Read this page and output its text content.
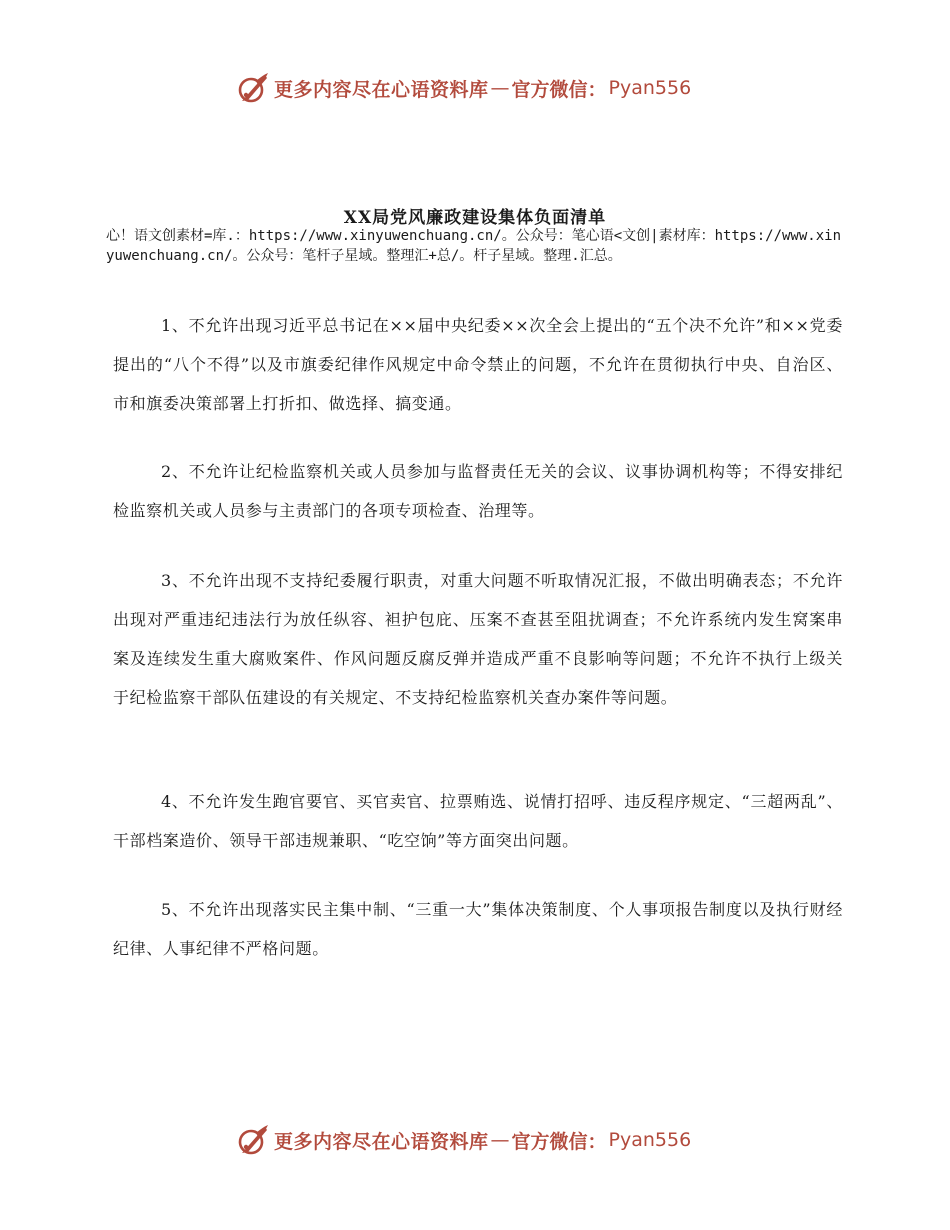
更多内容尽在心语资料库 — 官方微信： Pyan556
XX局党风廉政建设集体负面清单
心！语文创素材=库.：https://www.xinyuwenchuang.cn/。公众号：笔心语<文创|素材库：https://www.xinyuwenchuang.cn/。公众号：笔杆子星域。整理汇+总/。杆子星域。整理.汇总。

1、不允许出现习近平总书记在××届中央纪委××次全会上提出的“五个决不允许”和××党委提出的“八个不得”以及市旗委纪律作风规定中命令禁止的问题，不允许在贯彻执行中央、自治区、市和旗委决策部署上打折扣、做选择、搞变通。

2、不允许让纪检监察机关或人员参加与监督责任无关的会议、议事协调机构等；不得安排纪检监察机关或人员参与主责部门的各项专项检查、治理等。

3、不允许出现不支持纪委履行职责，对重大问题不听取情况汇报，不做出明确表态；不允许出现对严重违纪违法行为放任纵容、袒护包庇、压案不查甚至阻扰调查；不允许系统内发生窝案串案及连续发生重大腐败案件、作风问题反腐反弹并造成严重不良影响等问题；不允许不执行上级关于纪检监察干部队伍建设的有关规定、不支持纪检监察机关查办案件等问题。

4、不允许发生跑官要官、买官卖官、拉票贿选、说情打招呼、违反程序规定、“三超两乱”、干部档案造价、领导干部违规兼职、“吃空饷”等方面突出问题。

5、不允许出现落实民主集中制、“三重一大”集体决策制度、个人事项报告制度以及执行财经纪律、人事纪律不严格问题。

更多内容尽在心语资料库 — 官方微信： Pyan556
